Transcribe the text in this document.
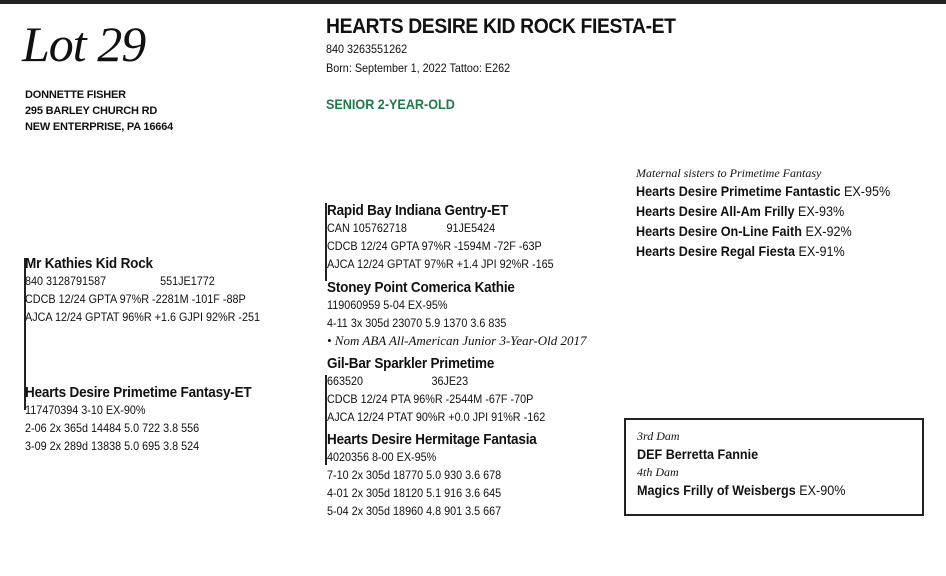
Lot 29
DONNETTE FISHER
295 BARLEY CHURCH RD
NEW ENTERPRISE, PA 16664
HEARTS DESIRE KID ROCK FIESTA-ET
840 3263551262
Born: September 1, 2022 Tattoo: E262
SENIOR 2-YEAR-OLD
Mr Kathies Kid Rock
840 3128791587	551JE1772
CDCB 12/24 GPTA 97%R -2281M -101F -88P
AJCA 12/24 GPTAT 96%R +1.6 GJPI 92%R -251
Hearts Desire Primetime Fantasy-ET
117470394 3-10 EX-90%
2-06 2x 365d 14484 5.0 722 3.8 556
3-09 2x 289d 13838 5.0 695 3.8 524
Rapid Bay Indiana Gentry-ET
CAN 105762718	91JE5424
CDCB 12/24 GPTA 97%R -1594M -72F -63P
AJCA 12/24 GPTAT 97%R +1.4 JPI 92%R -165
Stoney Point Comerica Kathie
119060959 5-04 EX-95%
4-11 3x 305d 23070 5.9 1370 3.6 835
• Nom ABA All-American Junior 3-Year-Old 2017
Gil-Bar Sparkler Primetime
663520	36JE23
CDCB 12/24 PTA 96%R -2544M -67F -70P
AJCA 12/24 PTAT 90%R +0.0 JPI 91%R -162
Hearts Desire Hermitage Fantasia
4020356 8-00 EX-95%
7-10 2x 305d 18770 5.0 930 3.6 678
4-01 2x 305d 18120 5.1 916 3.6 645
5-04 2x 305d 18960 4.8 901 3.5 667
Maternal sisters to Primetime Fantasy
Hearts Desire Primetime Fantastic EX-95%
Hearts Desire All-Am Frilly EX-93%
Hearts Desire On-Line Faith EX-92%
Hearts Desire Regal Fiesta EX-91%
3rd Dam
DEF Berretta Fannie
4th Dam
Magics Frilly of Weisbergs EX-90%
